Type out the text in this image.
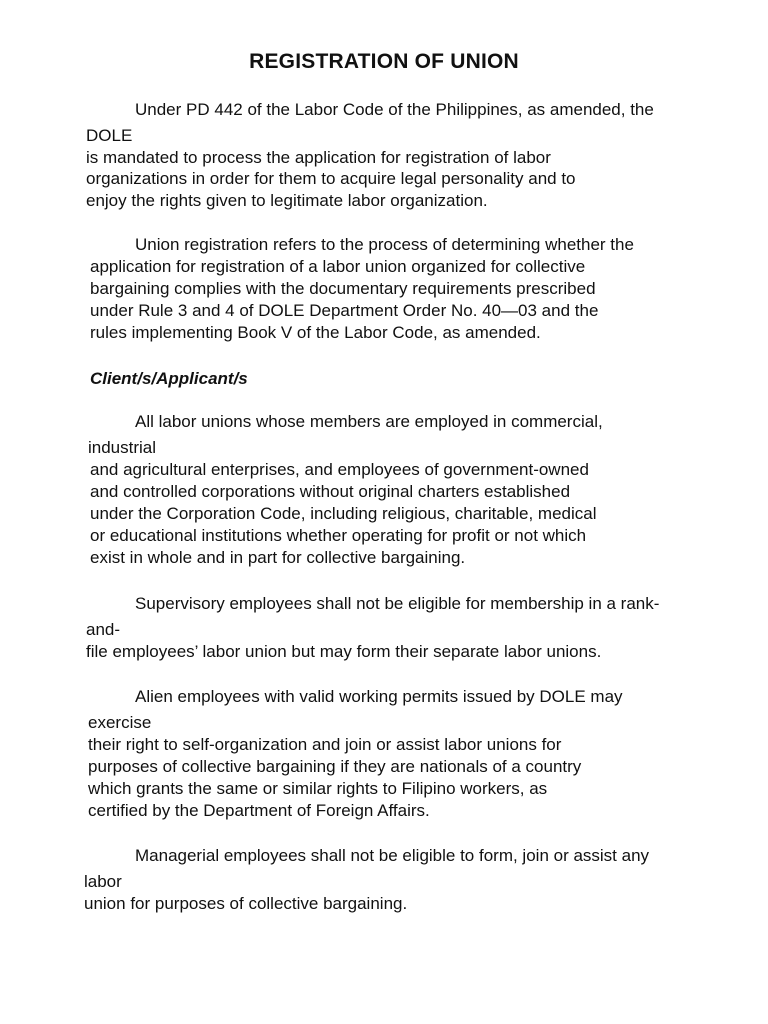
REGISTRATION OF UNION
Under PD 442 of the Labor Code of the Philippines, as amended, the
DOLE
is mandated to process the application for registration of labor
organizations in order for them to acquire legal personality and to
enjoy the rights given to legitimate labor organization.
Union registration refers to the process of determining whether the
application for registration of a labor union organized for collective
bargaining complies with the documentary requirements prescribed
under Rule 3 and 4 of DOLE Department Order No. 40—03 and the
rules implementing Book V of the Labor Code, as amended.
Client/s/Applicant/s
All labor unions whose members are employed in commercial,
industrial
and agricultural enterprises, and employees of government-owned
and controlled corporations without original charters established
under the Corporation Code, including religious, charitable, medical
or educational institutions whether operating for profit or not which
exist in whole and in part for collective bargaining.
Supervisory employees shall not be eligible for membership in a rank-
and-
file employees’ labor union but may form their separate labor unions.
Alien employees with valid working permits issued by DOLE may
exercise
their right to self-organization and join or assist labor unions for
purposes of collective bargaining if they are nationals of a country
which grants the same or similar rights to Filipino workers, as
certified by the Department of Foreign Affairs.
Managerial employees shall not be eligible to form, join or assist any
labor
union for purposes of collective bargaining.
